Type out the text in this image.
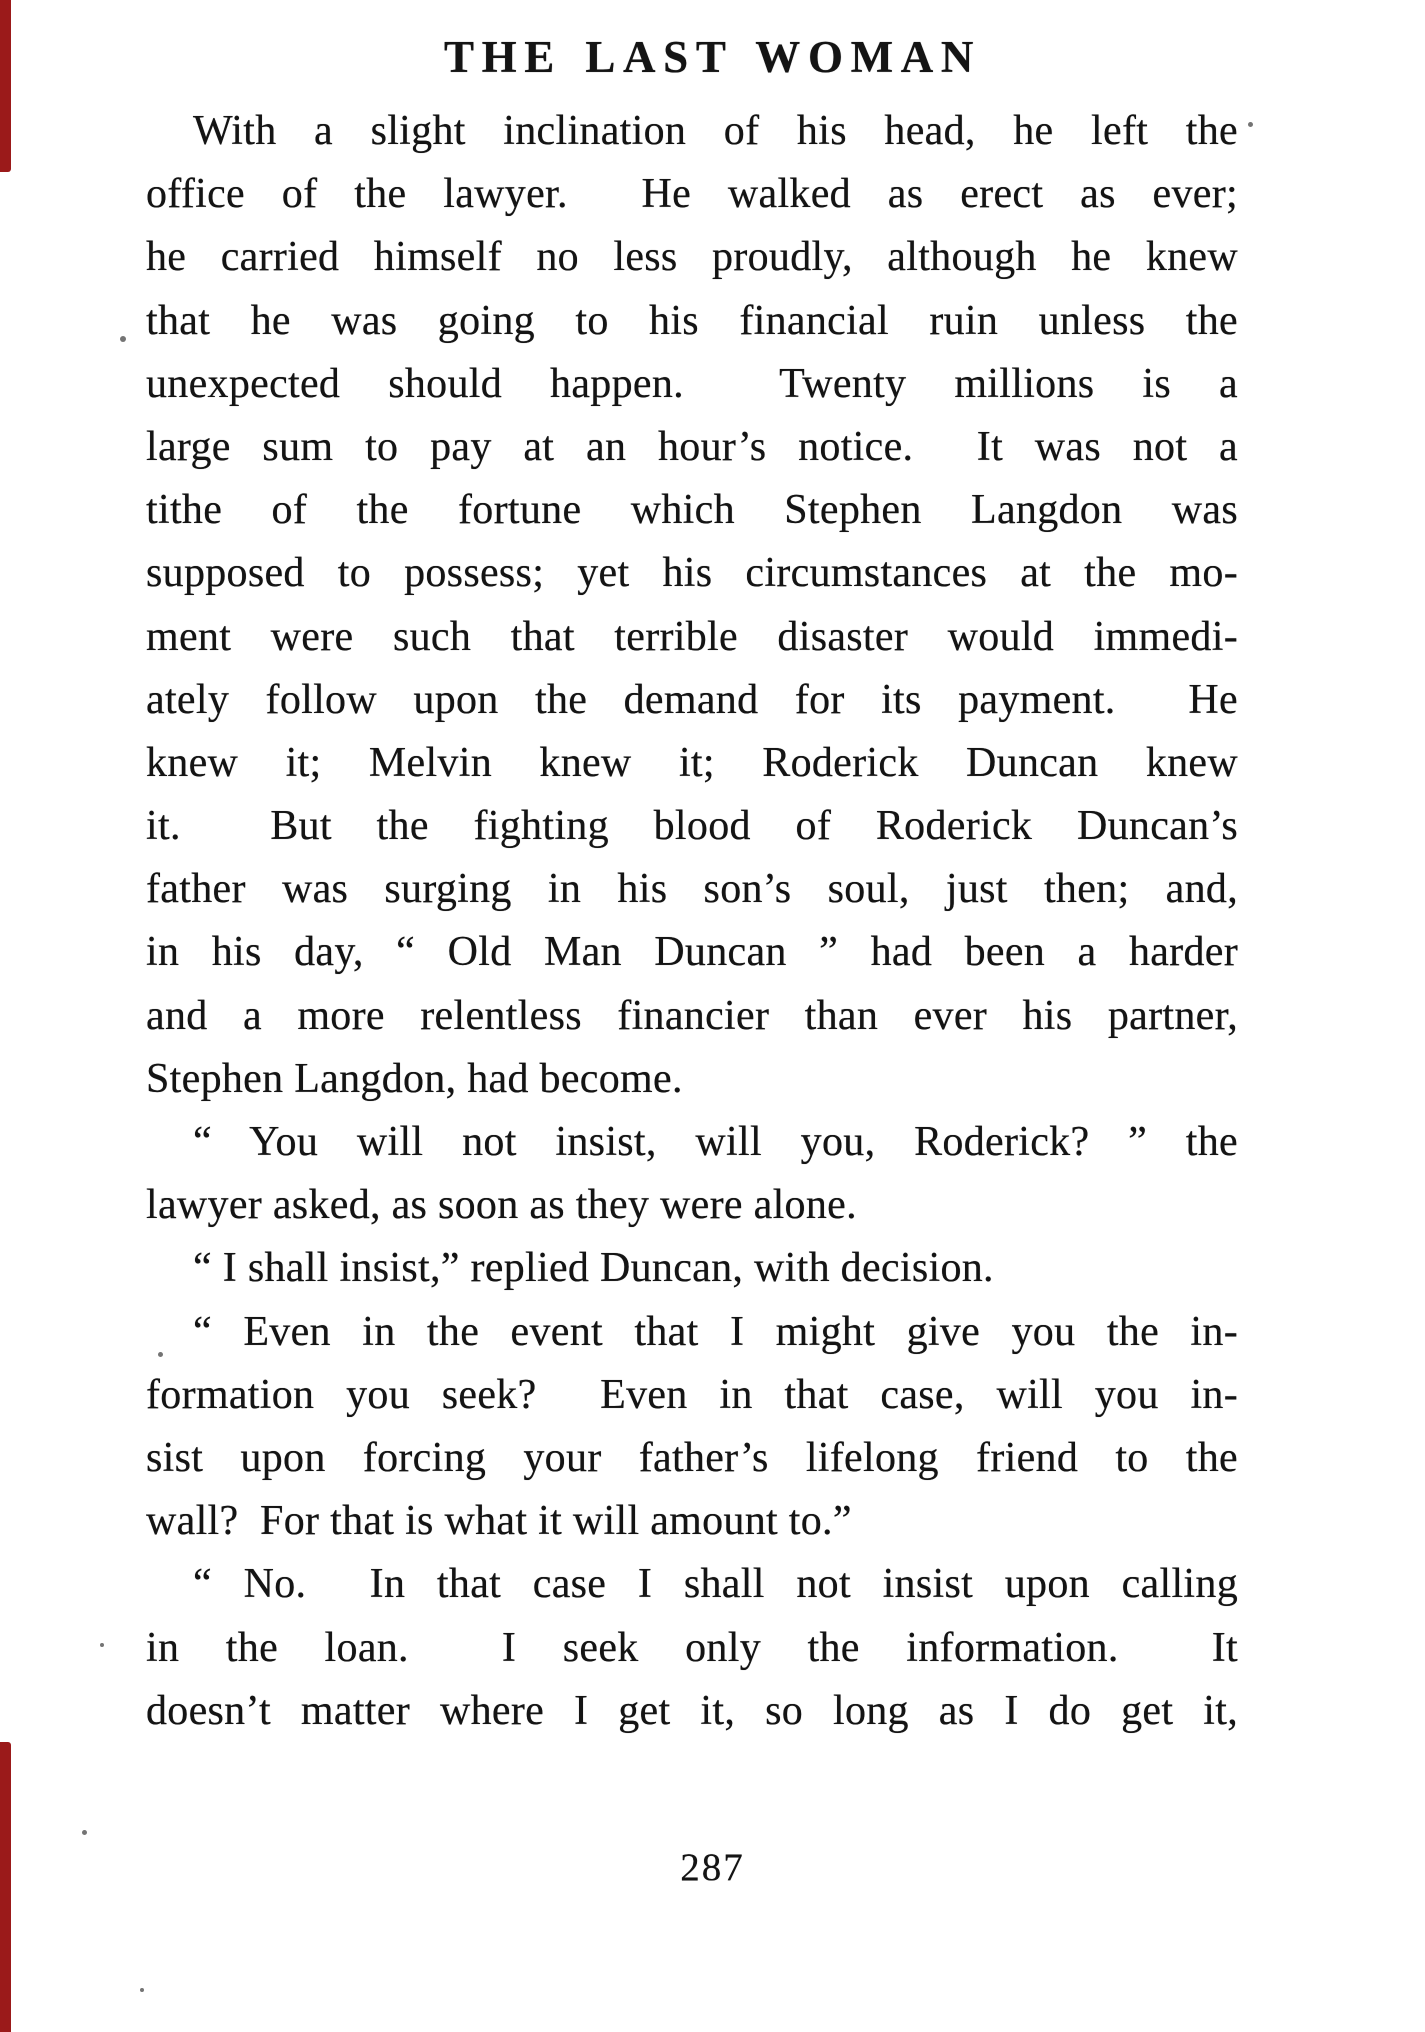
THE LAST WOMAN
With a slight inclination of his head, he left the
office of the lawyer.  He walked as erect as ever;
he carried himself no less proudly, although he knew
that he was going to his financial ruin unless the
unexpected should happen.  Twenty millions is a
large sum to pay at an hour’s notice.  It was not a
tithe of the fortune which Stephen Langdon was
supposed to possess; yet his circumstances at the mo-
ment were such that terrible disaster would immedi-
ately follow upon the demand for its payment.  He
knew it; Melvin knew it; Roderick Duncan knew
it.  But the fighting blood of Roderick Duncan’s
father was surging in his son’s soul, just then; and,
in his day, “ Old Man Duncan ” had been a harder
and a more relentless financier than ever his partner,
Stephen Langdon, had become.
“ You will not insist, will you, Roderick? ” the
lawyer asked, as soon as they were alone.
“ I shall insist,” replied Duncan, with decision.
“ Even in the event that I might give you the in-
formation you seek?  Even in that case, will you in-
sist upon forcing your father’s lifelong friend to the
wall?  For that is what it will amount to.”
“ No.  In that case I shall not insist upon calling
in the loan.  I seek only the information.  It
doesn’t matter where I get it, so long as I do get it,
287
